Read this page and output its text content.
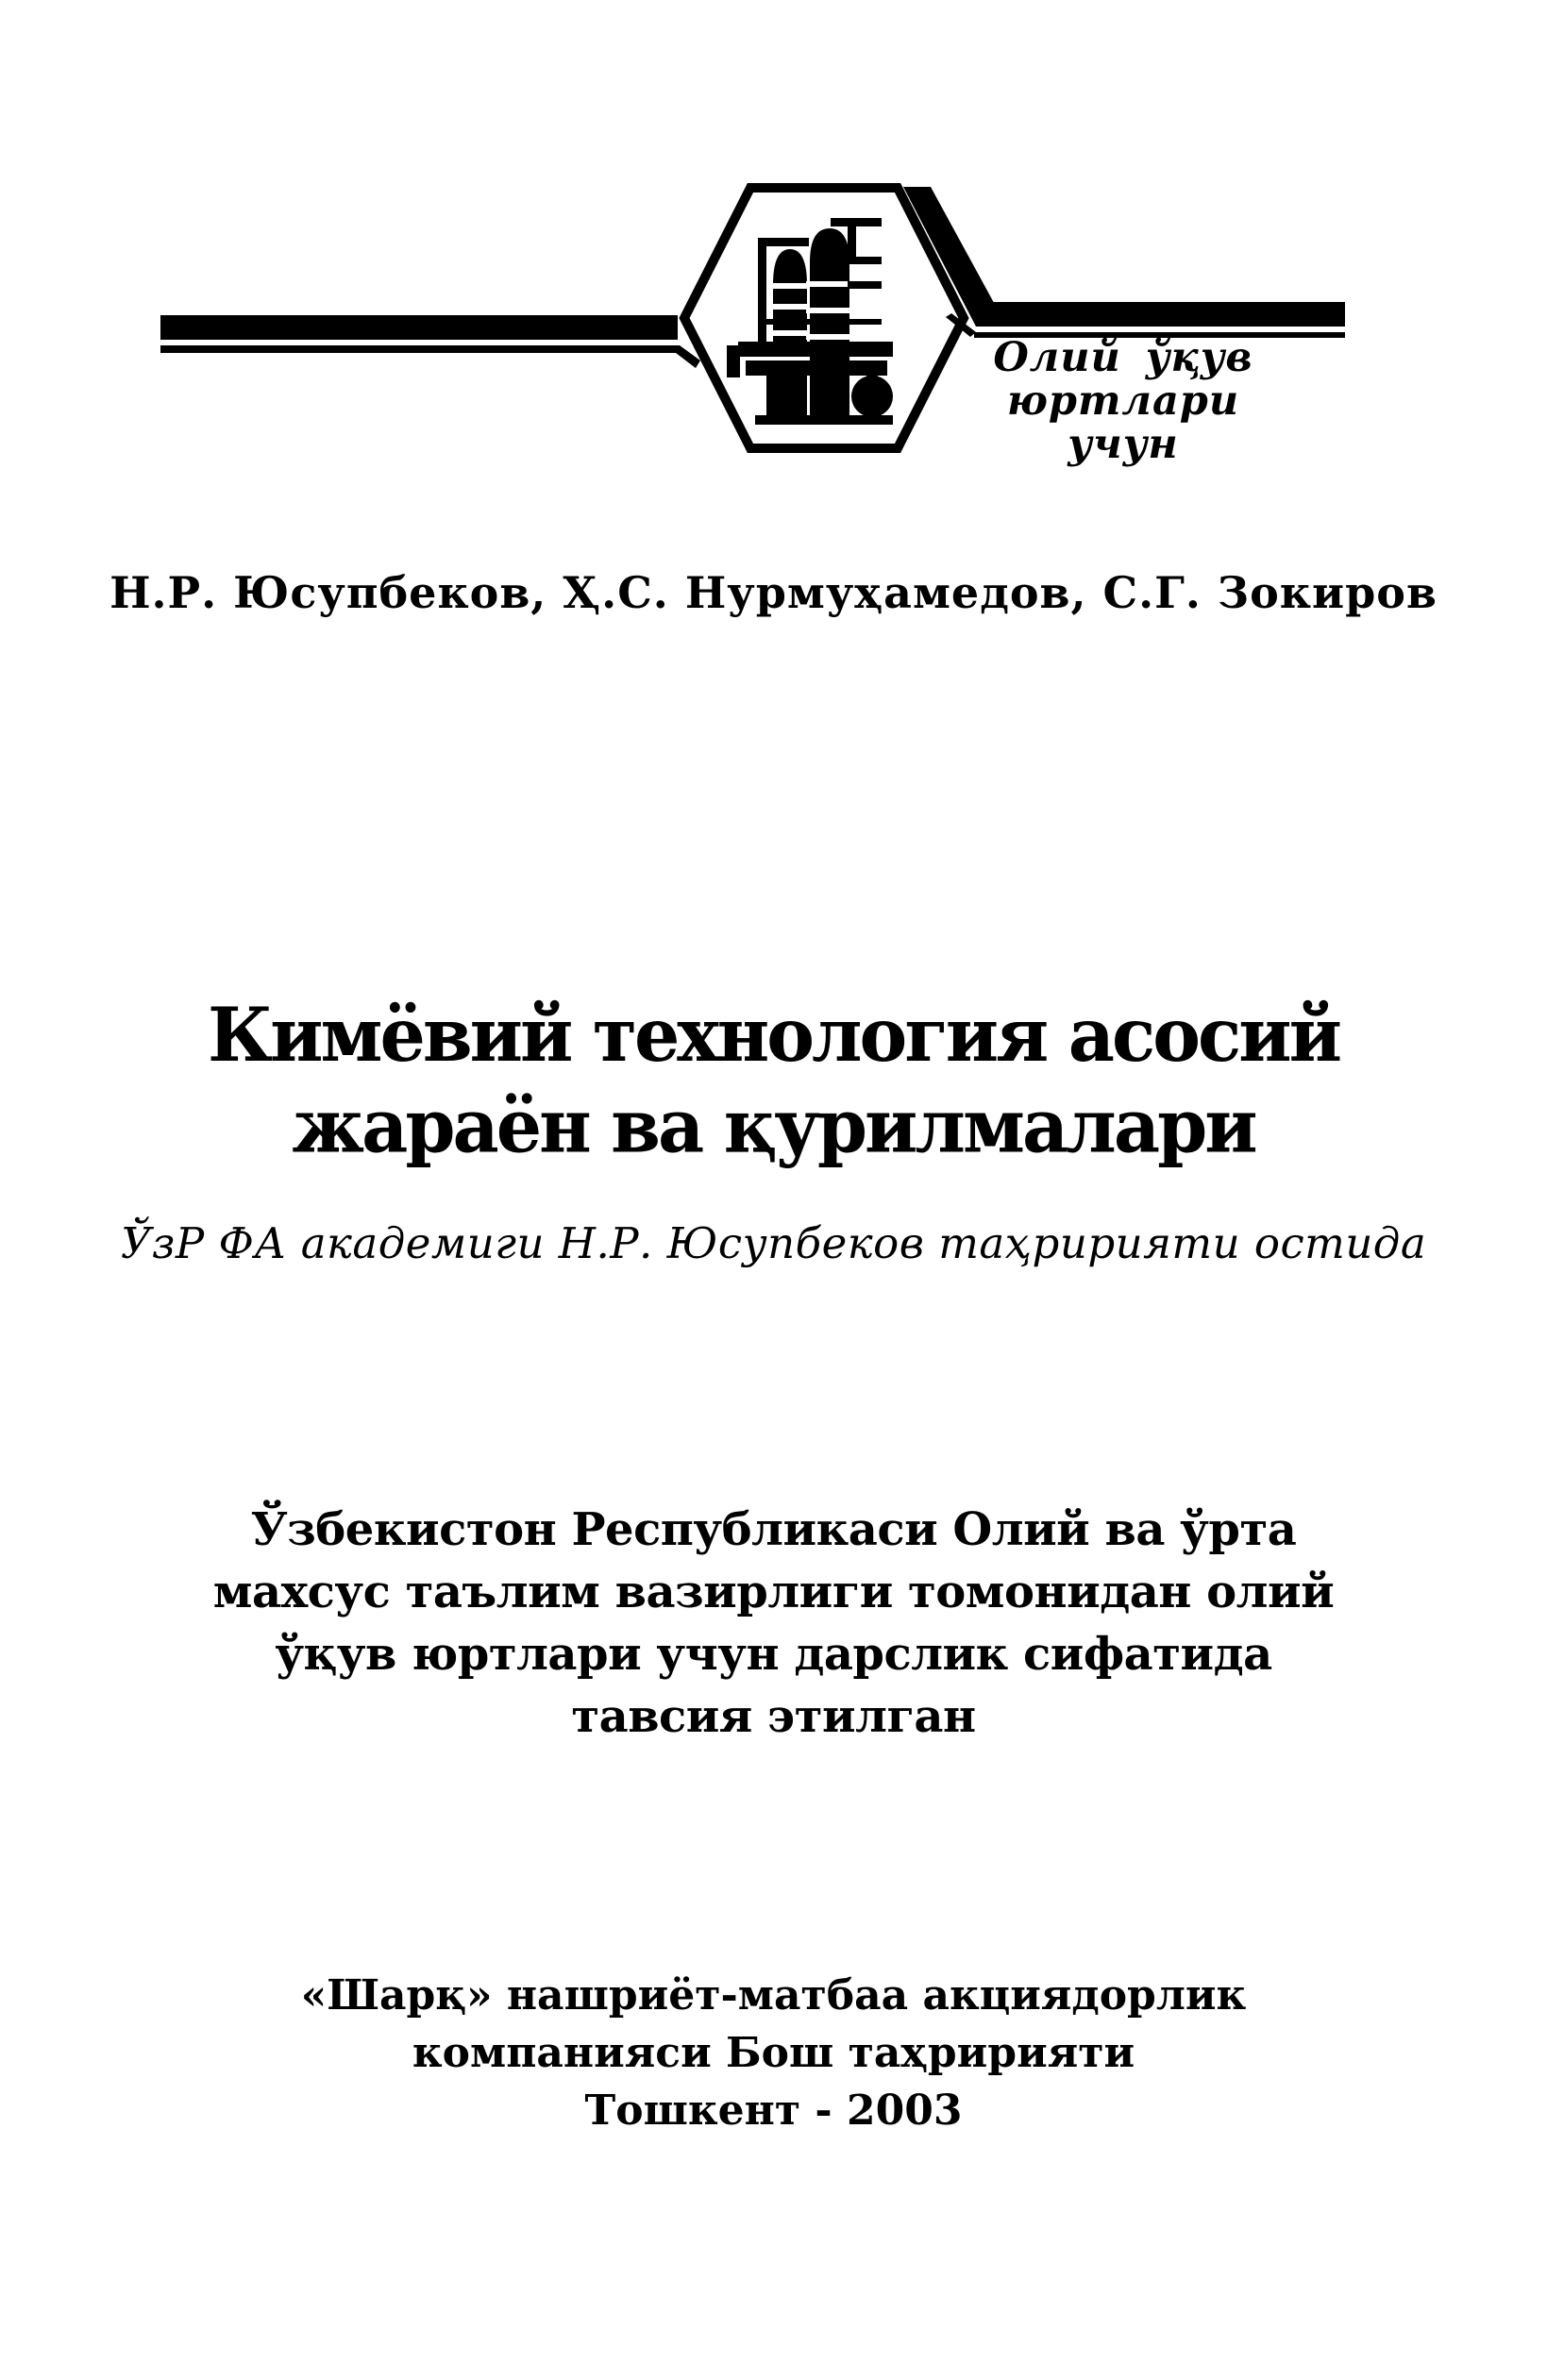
Олий ўқув
юртлари
учун
Н.Р. Юсупбеков, Ҳ.С. Нурмуҳамедов, С.Г. Зокиров
Кимёвий технология асосий
жараён ва қурилмалари
ЎзР ФА академиги Н.Р. Юсупбеков таҳририяти остида
Ўзбекистон Республикаси Олий ва ўрта
махсус таълим вазирлиги томонидан олий
ўқув юртлари учун дарслик сифатида
тавсия этилган
«Шарқ» нашриёт-матбаа акциядорлик
компанияси Бош таҳририяти
Тошкент - 2003
